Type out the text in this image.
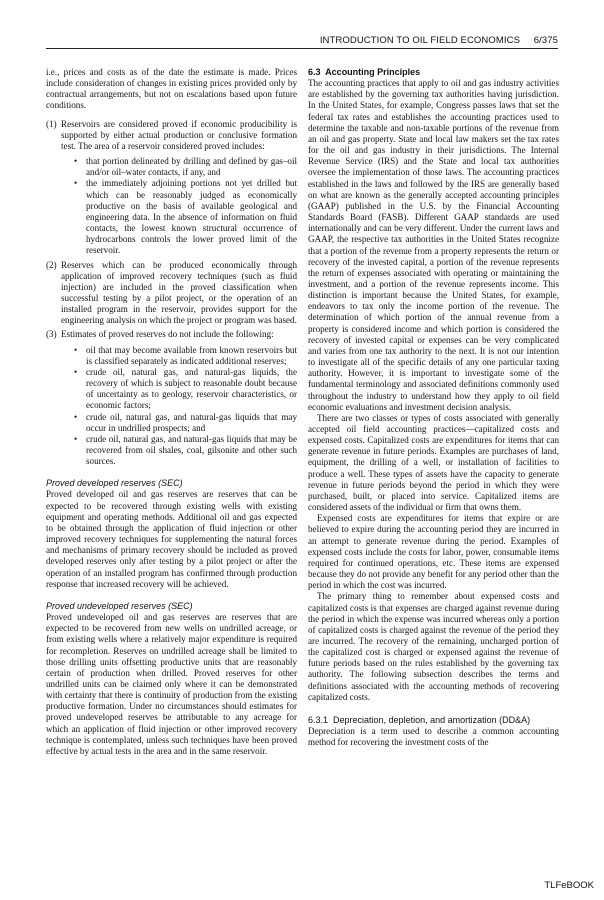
INTRODUCTION TO OIL FIELD ECONOMICS     6/375

i.e., prices and costs as of the date the estimate is made. Prices include consideration of changes in existing prices provided only by contractual arrangements, but not on escalations based upon future conditions.

(1) Reservoirs are considered proved if economic producibility is supported by either actual production or conclusive formation test. The area of a reservoir considered proved includes:
• that portion delineated by drilling and defined by gas–oil and/or oil–water contacts, if any, and
• the immediately adjoining portions not yet drilled but which can be reasonably judged as economically productive on the basis of available geological and engineering data. In the absence of information on fluid contacts, the lowest known structural occurrence of hydrocarbons controls the lower proved limit of the reservoir.
(2) Reserves which can be produced economically through application of improved recovery techniques (such as fluid injection) are included in the proved classification when successful testing by a pilot project, or the operation of an installed program in the reservoir, provides support for the engineering analysis on which the project or program was based.
(3) Estimates of proved reserves do not include the following:
• oil that may become available from known reservoirs but is classified separately as indicated additional reserves;
• crude oil, natural gas, and natural-gas liquids, the recovery of which is subject to reasonable doubt because of uncertainty as to geology, reservoir characteristics, or economic factors;
• crude oil, natural gas, and natural-gas liquids that may occur in undrilled prospects; and
• crude oil, natural gas, and natural-gas liquids that may be recovered from oil shales, coal, gilsonite and other such sources.

Proved developed reserves (SEC)

Proved developed oil and gas reserves are reserves that can be expected to be recovered through existing wells with existing equipment and operating methods. Additional oil and gas expected to be obtained through the application of fluid injection or other improved recovery techniques for supplementing the natural forces and mechanisms of primary recovery should be included as proved developed reserves only after testing by a pilot project or after the operation of an installed program has confirmed through production response that increased recovery will be achieved.

Proved undeveloped reserves (SEC)

Proved undeveloped oil and gas reserves are reserves that are expected to be recovered from new wells on undrilled acreage, or from existing wells where a relatively major expenditure is required for recompletion. Reserves on undrilled acreage shall be limited to those drilling units offsetting productive units that are reasonably certain of production when drilled. Proved reserves for other undrilled units can be claimed only where it can be demonstrated with certainty that there is continuity of production from the existing productive formation. Under no circumstances should estimates for proved undeveloped reserves be attributable to any acreage for which an application of fluid injection or other improved recovery technique is contemplated, unless such techniques have been proved effective by actual tests in the area and in the same reservoir.

6.3  Accounting Principles

The accounting practices that apply to oil and gas industry activities are established by the governing tax authorities having jurisdiction. In the United States, for example, Congress passes laws that set the federal tax rates and establishes the accounting practices used to determine the taxable and non-taxable portions of the revenue from an oil and gas property. State and local law makers set the tax rates for the oil and gas industry in their jurisdictions. The Internal Revenue Service (IRS) and the State and local tax authorities oversee the implementation of those laws. The accounting practices established in the laws and followed by the IRS are generally based on what are known as the generally accepted accounting principles (GAAP) published in the U.S. by the Financial Accounting Standards Board (FASB). Different GAAP standards are used internationally and can be very different. Under the current laws and GAAP, the respective tax authorities in the United States recognize that a portion of the revenue from a property represents the return or recovery of the invested capital, a portion of the revenue represents the return of expenses associated with operating or maintaining the investment, and a portion of the revenue represents income. This distinction is important because the United States, for example, endeavors to tax only the income portion of the revenue. The determination of which portion of the annual revenue from a property is considered income and which portion is considered the recovery of invested capital or expenses can be very complicated and varies from one tax authority to the next. It is not our intention to investigate all of the specific details of any one particular taxing authority. However, it is important to investigate some of the fundamental terminology and associated definitions commonly used throughout the industry to understand how they apply to oil field economic evaluations and investment decision analysis.

There are two classes or types of costs associated with generally accepted oil field accounting practices—capitalized costs and expensed costs. Capitalized costs are expenditures for items that can generate revenue in future periods. Examples are purchases of land, equipment, the drilling of a well, or installation of facilities to produce a well. These types of assets have the capacity to generate revenue in future periods beyond the period in which they were purchased, built, or placed into service. Capitalized items are considered assets of the individual or firm that owns them.

Expensed costs are expenditures for items that expire or are believed to expire during the accounting period they are incurred in an attempt to generate revenue during the period. Examples of expensed costs include the costs for labor, power, consumable items required for continued operations, etc. These items are expensed because they do not provide any benefit for any period other than the period in which the cost was incurred.

The primary thing to remember about expensed costs and capitalized costs is that expenses are charged against revenue during the period in which the expense was incurred whereas only a portion of capitalized costs is charged against the revenue of the period they are incurred. The recovery of the remaining, uncharged portion of the capitalized cost is charged or expensed against the revenue of future periods based on the rules established by the governing tax authority. The following subsection describes the terms and definitions associated with the accounting methods of recovering capitalized costs.

6.3.1  Depreciation, depletion, and amortization (DD&A)

Depreciation is a term used to describe a common accounting method for recovering the investment costs of the

TLFeBOOK
